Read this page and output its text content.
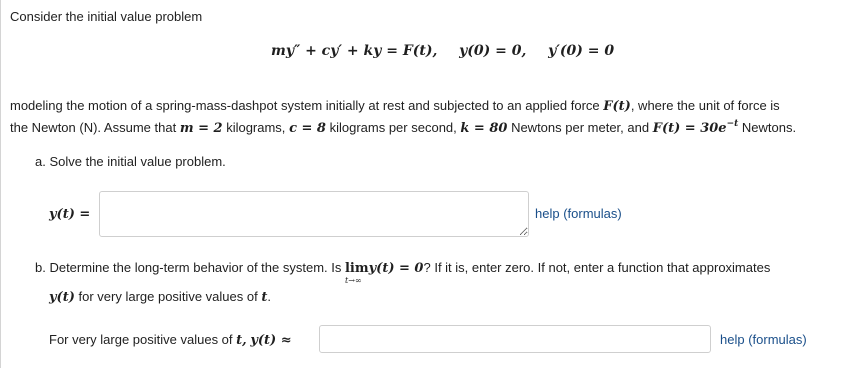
Consider the initial value problem
my″ + cy′ + ky = F(t), y(0) = 0, y′(0) = 0
modeling the motion of a spring-mass-dashpot system initially at rest and subjected to an applied force F(t), where the unit of force is
the Newton (N). Assume that m = 2 kilograms, c = 8 kilograms per second, k = 80 Newtons per meter, and $F(t) = 30e^{-t}$ Newtons.
a. Solve the initial value problem.
y(t) =	help (formulas)
b. Determine the long-term behavior of the system. Is lim
t→∞
y(t) = 0? If it is, enter zero. If not, enter a function that approximates
y(t) for very large positive values of t.
For very large positive values of t, y(t) ≈	help (formulas)
